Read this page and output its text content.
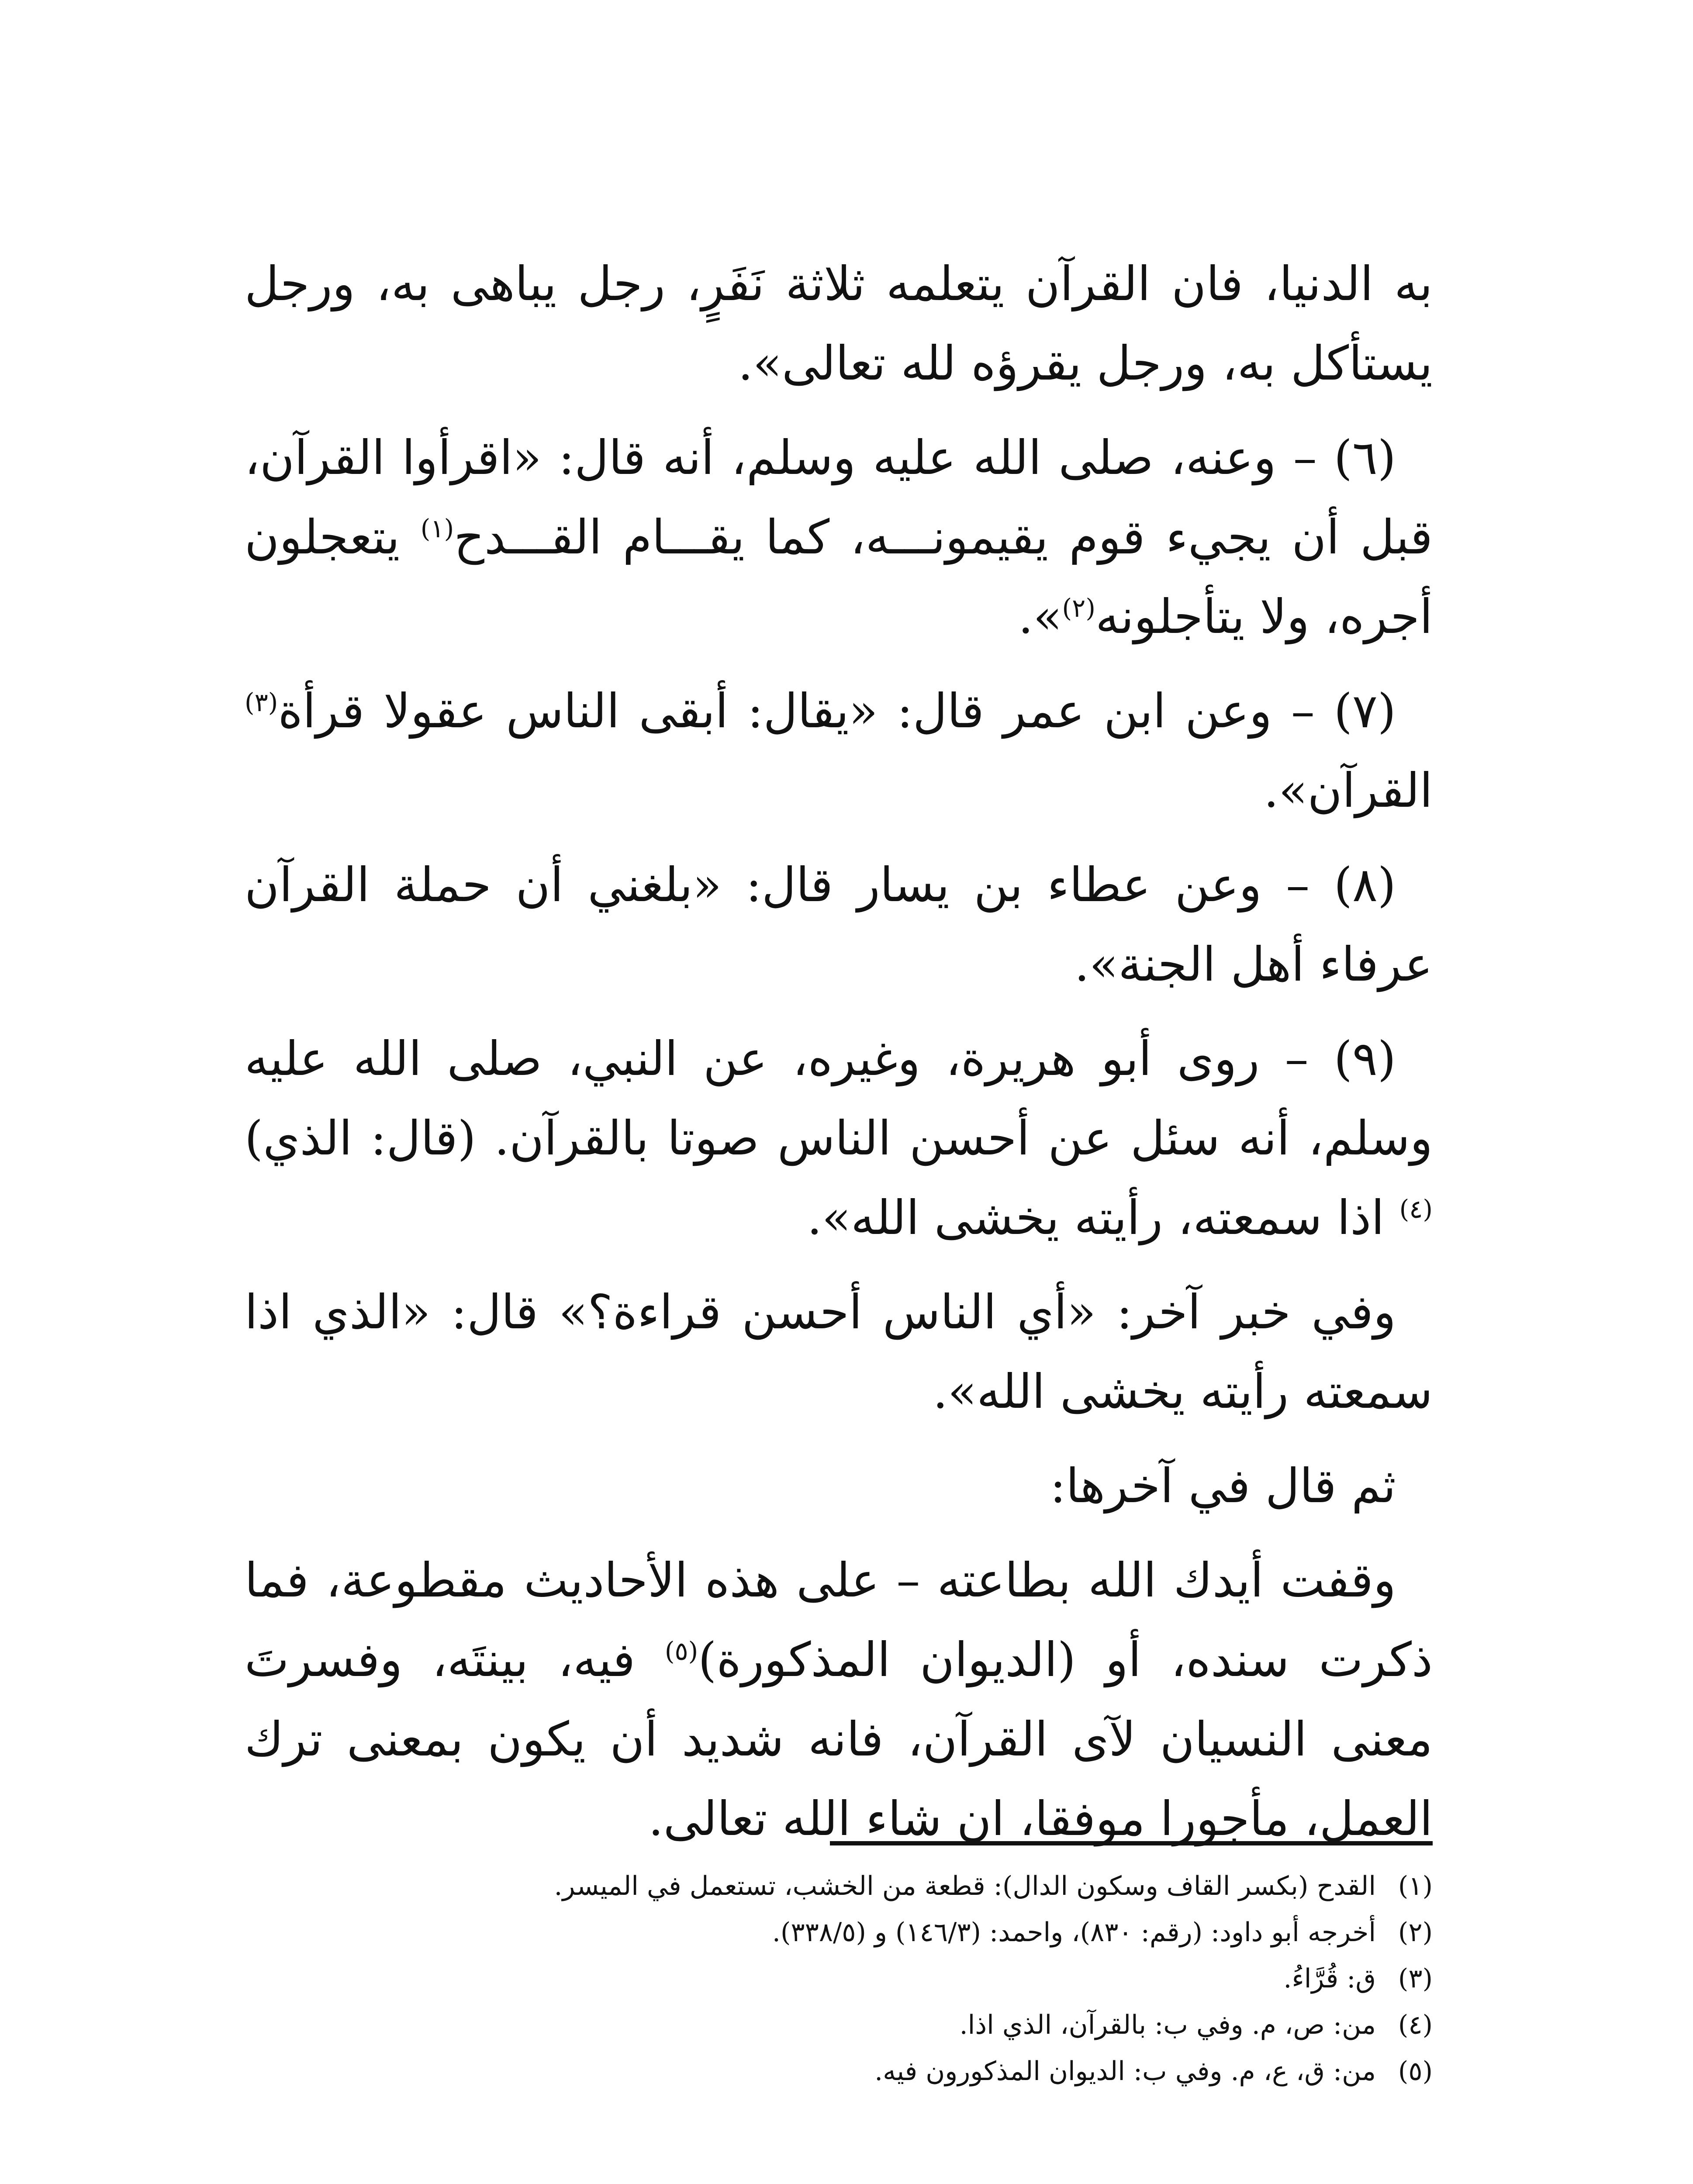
به الدنيا، فان القرآن يتعلمه ثلاثة نَفَرٍ، رجل يباهى به، ورجل يستأكل به، ورجل يقرؤه لله تعالى».

(٦) – وعنه، صلى الله عليه وسلم، أنه قال: «اقرأوا القرآن، قبل أن يجيء قوم يقيمونـــه، كما يقـــام القـــدح$^{(١)}$ يتعجلون أجره، ولا يتأجلونه$^{(٢)}$».

(٧) – وعن ابن عمر قال: «يقال: أبقى الناس عقولا قرأة$^{(٣)}$ القرآن».

(٨) – وعن عطاء بن يسار قال: «بلغني أن حملة القرآن عرفاء أهل الجنة».

(٩) – روى أبو هريرة، وغيره، عن النبي، صلى الله عليه وسلم، أنه سئل عن أحسن الناس صوتا بالقرآن. (قال: الذي)$^{(٤)}$ اذا سمعته، رأيته يخشى الله».

وفي خبر آخر: «أي الناس أحسن قراءة؟» قال: «الذي اذا سمعته رأيته يخشى الله».

ثم قال في آخرها:

وقفت أيدك الله بطاعته – على هذه الأحاديث مقطوعة، فما ذكرت سنده، أو (الديوان المذكورة)$^{(٥)}$ فيه، بينتَه، وفسرتَ معنى النسيان لآى القرآن، فانه شديد أن يكون بمعنى ترك العمل، مأجورا موفقا، ان شاء الله تعالى.

(١)القدح (بكسر القاف وسكون الدال): قطعة من الخشب، تستعمل في الميسر.
(٢)أخرجه أبو داود: (رقم: ٨٣٠)، واحمد: (١٤٦/٣) و (٣٣٨/٥).
(٣)ق: قُرَّاءُ.
(٤)من: ص، م. وفي ب: بالقرآن، الذي اذا.
(٥)من: ق، ع، م. وفي ب: الديوان المذكورون فيه.
